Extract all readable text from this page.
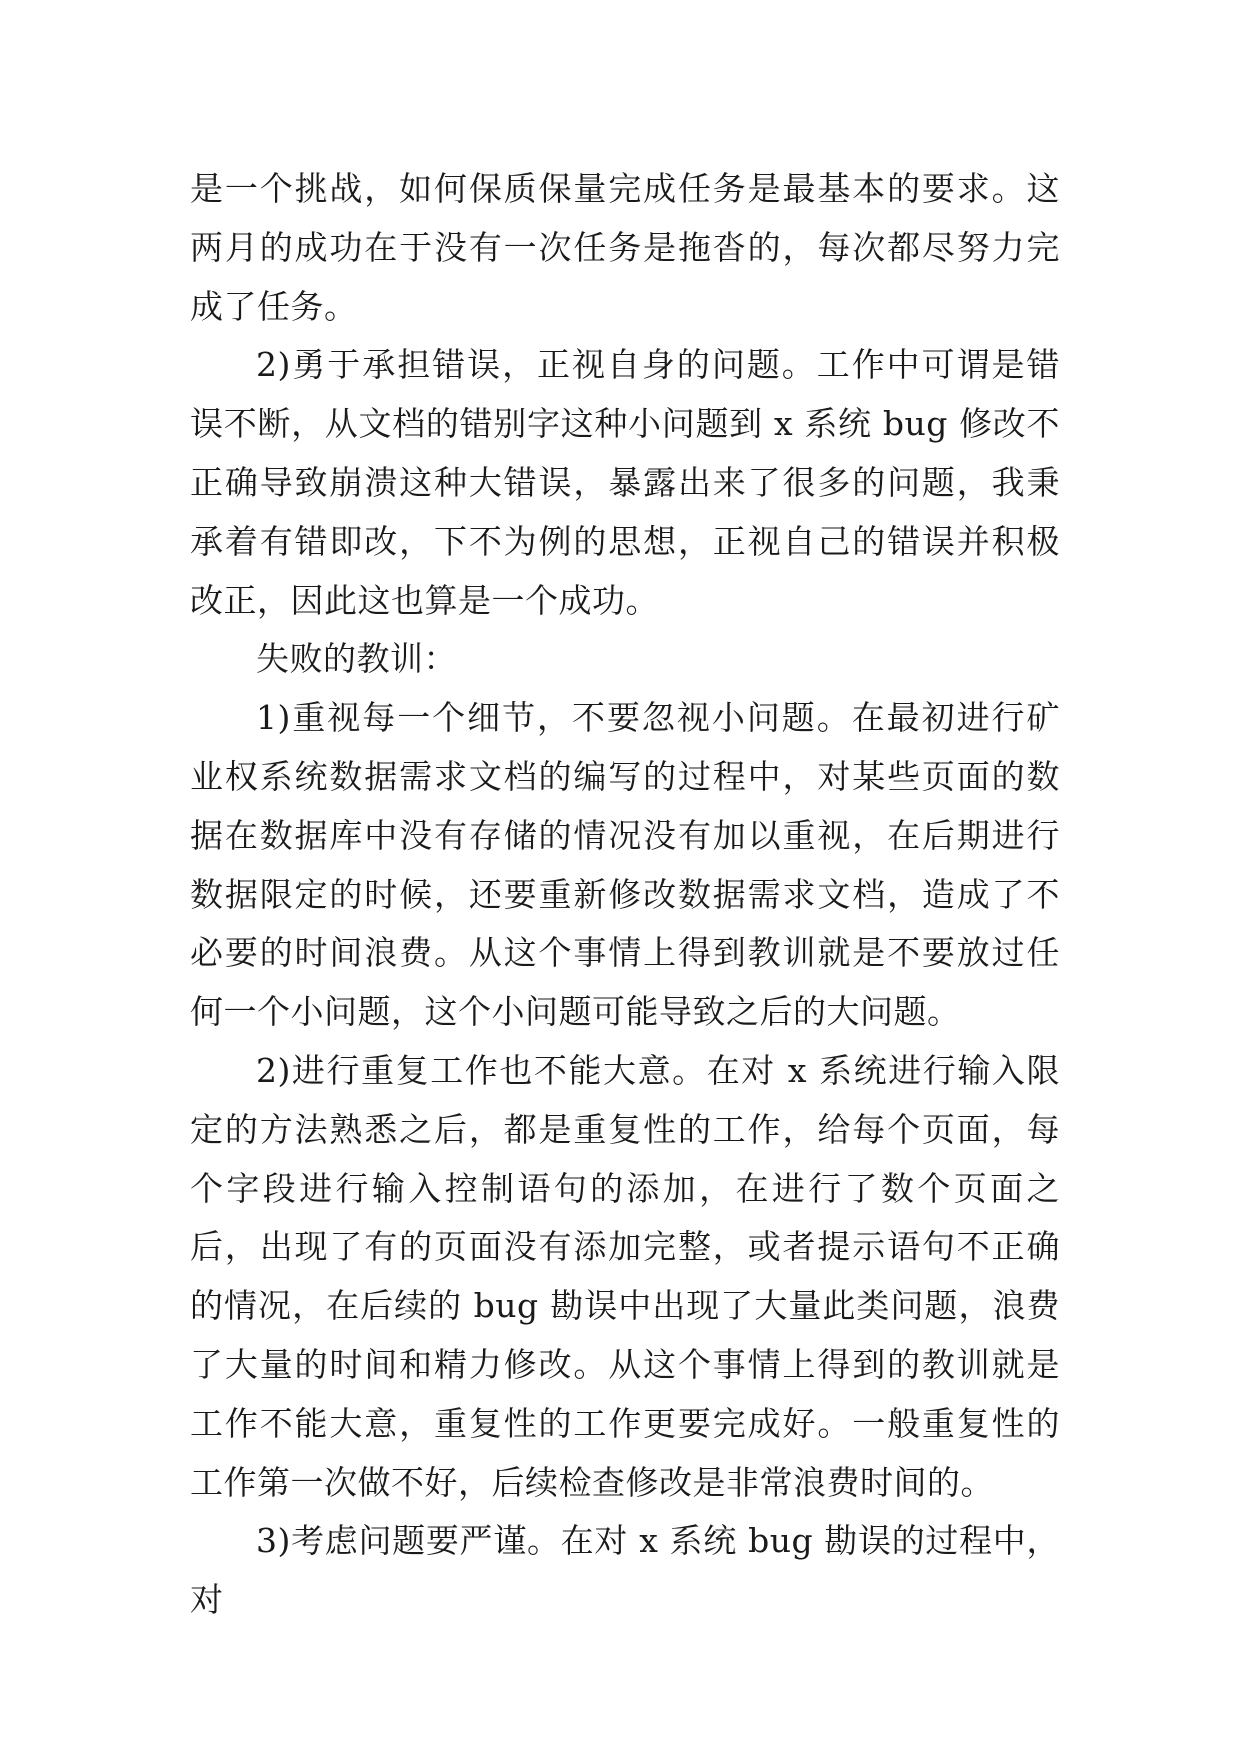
是一个挑战，如何保质保量完成任务是最基本的要求。这两月的成功在于没有一次任务是拖沓的，每次都尽努力完成了任务。

2)勇于承担错误，正视自身的问题。工作中可谓是错误不断，从文档的错别字这种小问题到 x 系统 bug 修改不正确导致崩溃这种大错误，暴露出来了很多的问题，我秉承着有错即改，下不为例的思想，正视自己的错误并积极改正，因此这也算是一个成功。

失败的教训：

1)重视每一个细节，不要忽视小问题。在最初进行矿业权系统数据需求文档的编写的过程中，对某些页面的数据在数据库中没有存储的情况没有加以重视，在后期进行数据限定的时候，还要重新修改数据需求文档，造成了不必要的时间浪费。从这个事情上得到教训就是不要放过任何一个小问题，这个小问题可能导致之后的大问题。

2)进行重复工作也不能大意。在对 x 系统进行输入限定的方法熟悉之后，都是重复性的工作，给每个页面，每个字段进行输入控制语句的添加，在进行了数个页面之后，出现了有的页面没有添加完整，或者提示语句不正确的情况，在后续的 bug 勘误中出现了大量此类问题，浪费了大量的时间和精力修改。从这个事情上得到的教训就是工作不能大意，重复性的工作更要完成好。一般重复性的工作第一次做不好，后续检查修改是非常浪费时间的。

3)考虑问题要严谨。在对 x 系统 bug 勘误的过程中，对
